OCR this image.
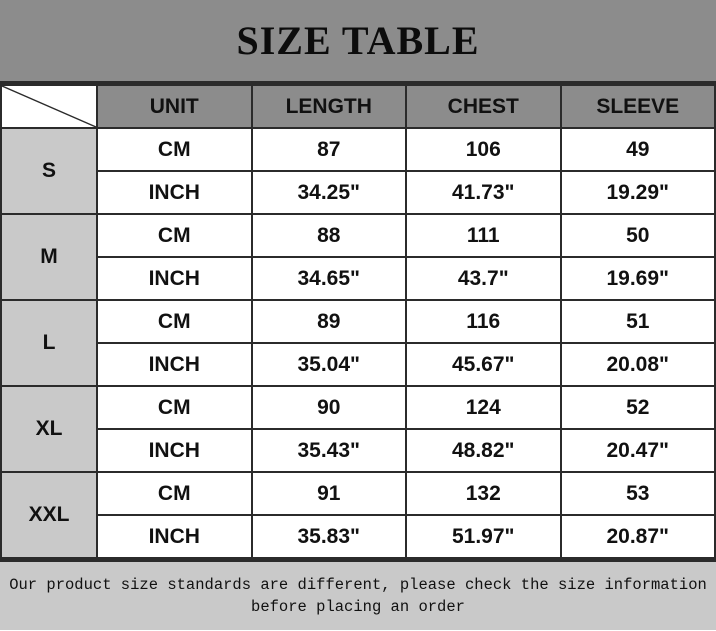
SIZE TABLE
	UNIT	LENGTH	CHEST	SLEEVE
S	CM	87	106	49
	INCH	34.25"	41.73"	19.29"
M	CM	88	111	50
	INCH	34.65"	43.7"	19.69"
L	CM	89	116	51
	INCH	35.04"	45.67"	20.08"
XL	CM	90	124	52
	INCH	35.43"	48.82"	20.47"
XXL	CM	91	132	53
	INCH	35.83"	51.97"	20.87"
Our product size standards are different, please check the size information
before placing an order
